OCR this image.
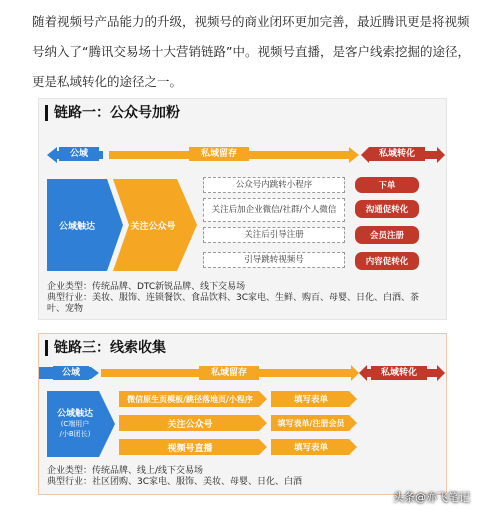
随着视频号产品能力的升级，视频号的商业闭环更加完善，最近腾讯更是将视频
号纳入了“腾讯交易场十大营销链路”中。视频号直播，是客户线索挖掘的途径，
更是私域转化的途径之一。
链路一：公众号加粉
公域	私域留存	私域转化
公域触达	关注公众号
公众号内跳转小程序
关注后加企业微信/社群/个人微信
关注后引导注册
引导跳转视频号
下单
沟通促转化
会员注册
内容促转化
企业类型：传统品牌、DTC新锐品牌、线下交易场
典型行业：美妆、服饰、连锁餐饮、食品饮料、3C家电、生鲜、购百、母婴、日化、白酒、茶
叶、宠物
链路三：线索收集
公域	私域留存	私域转化
公域触达
(C端用户
/小B团长)
微信原生页模板/跳径落地页/小程序
关注公众号
视频号直播
填写表单
填写表单/注册会员
填写表单
企业类型：传统品牌、线上/线下交易场
典型行业：社区团购、3C家电、服饰、美妆、母婴、日化、白酒
头条@亦飞笔记
